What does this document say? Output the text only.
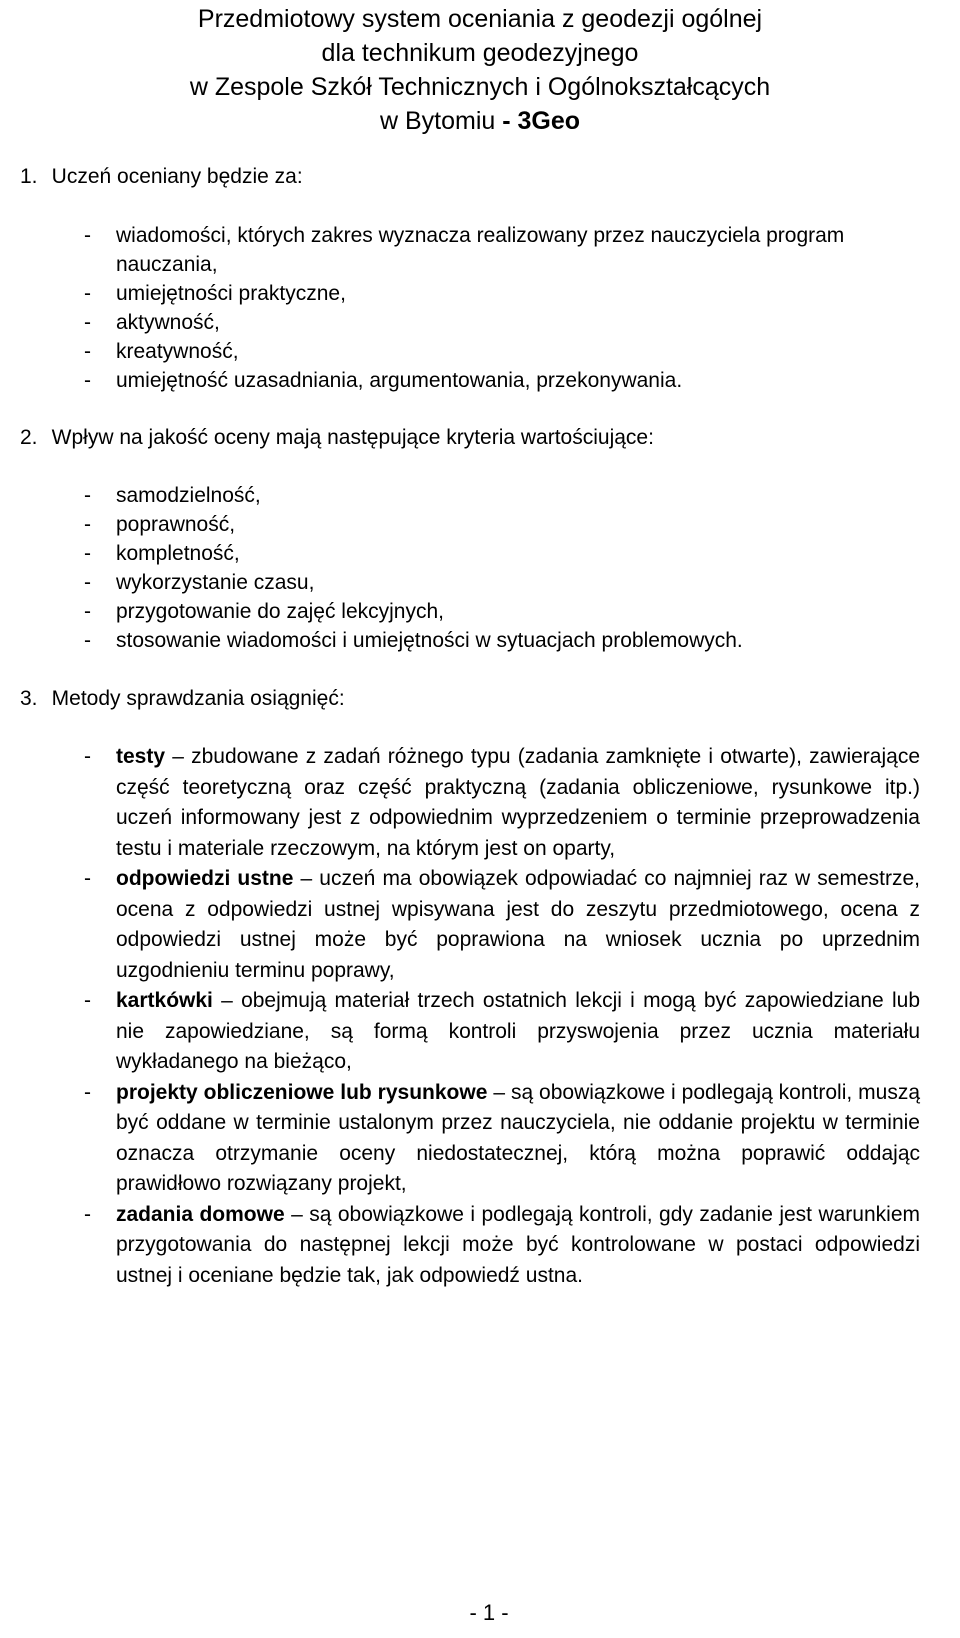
Przedmiotowy system oceniania z geodezji ogólnej
dla technikum geodezyjnego
w Zespole Szkół Technicznych i Ogólnokształcących
w Bytomiu - 3Geo
1. Uczeń oceniany będzie za:
- wiadomości, których zakres wyznacza realizowany przez nauczyciela program nauczania,
- umiejętności praktyczne,
- aktywność,
- kreatywność,
- umiejętność uzasadniania, argumentowania, przekonywania.
2. Wpływ na jakość oceny mają następujące kryteria wartościujące:
- samodzielność,
- poprawność,
- kompletność,
- wykorzystanie czasu,
- przygotowanie do zajęć lekcyjnych,
- stosowanie wiadomości i umiejętności w sytuacjach problemowych.
3. Metody sprawdzania osiągnięć:
- testy – zbudowane z zadań różnego typu (zadania zamknięte i otwarte), zawierające część teoretyczną oraz część praktyczną (zadania obliczeniowe, rysunkowe itp.) uczeń informowany jest z odpowiednim wyprzedzeniem o terminie przeprowadzenia testu i materiale rzeczowym, na którym jest on oparty,
- odpowiedzi ustne – uczeń ma obowiązek odpowiadać co najmniej raz w semestrze, ocena z odpowiedzi ustnej wpisywana jest do zeszytu przedmiotowego, ocena z odpowiedzi ustnej może być poprawiona na wniosek ucznia po uprzednim uzgodnieniu terminu poprawy,
- kartkówki – obejmują materiał trzech ostatnich lekcji i mogą być zapowiedziane lub nie zapowiedziane, są formą kontroli przyswojenia przez ucznia materiału wykładanego na bieżąco,
- projekty obliczeniowe lub rysunkowe – są obowiązkowe i podlegają kontroli, muszą być oddane w terminie ustalonym przez nauczyciela, nie oddanie projektu w terminie oznacza otrzymanie oceny niedostatecznej, którą można poprawić oddając prawidłowo rozwiązany projekt,
- zadania domowe – są obowiązkowe i podlegają kontroli, gdy zadanie jest warunkiem przygotowania do następnej lekcji może być kontrolowane w postaci odpowiedzi ustnej i oceniane będzie tak, jak odpowiedź ustna.
- 1 -
